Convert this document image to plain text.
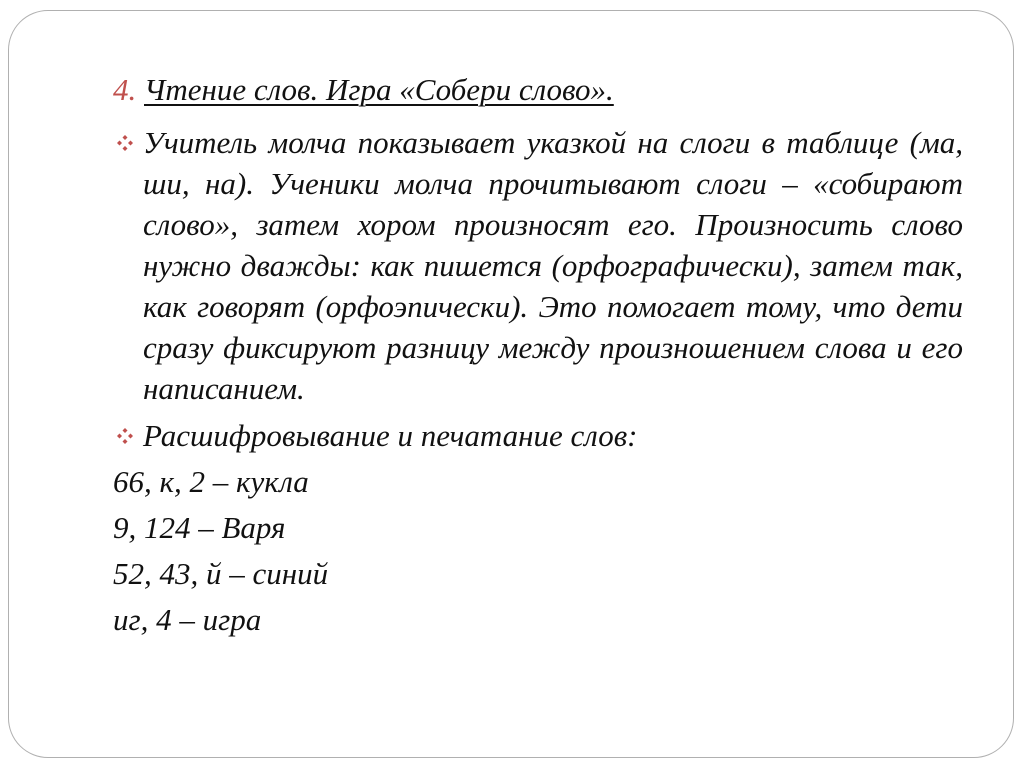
4. Чтение слов. Игра «Собери слово».
Учитель молча показывает указкой на слоги в таблице (ма, ши, на). Ученики молча прочитывают слоги – «собирают слово», затем хором произносят его. Произносить слово нужно дважды: как пишется (орфографически), затем так, как говорят (орфоэпически). Это помогает тому, что дети сразу фиксируют разницу между произношением слова и его написанием.
Расшифровывание и печатание слов:
66, к, 2 – кукла
9, 124 – Варя
52, 43, й – синий
иг, 4 – игра
